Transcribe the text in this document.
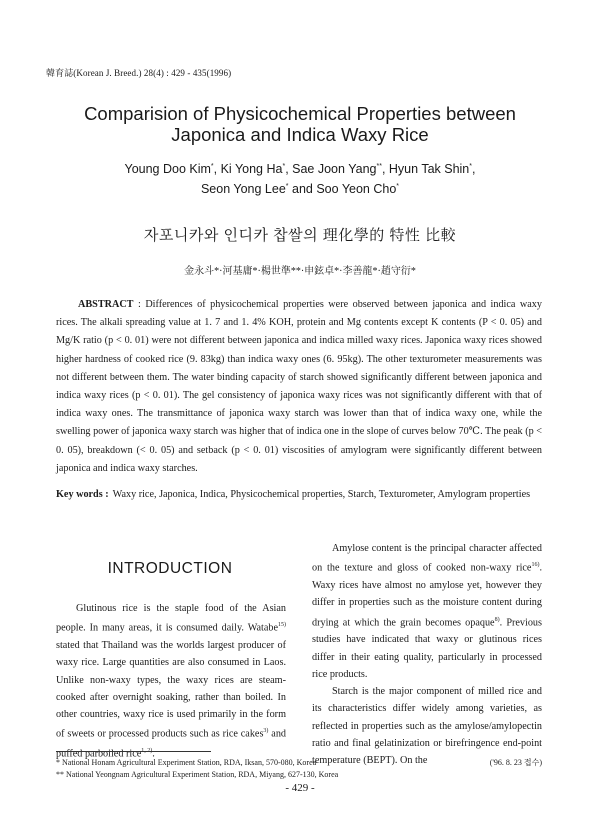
韓育誌(Korean J. Breed.) 28(4) : 429 - 435(1996)
Comparision of Physicochemical Properties between
Japonica and Indica Waxy Rice
Young Doo Kim*, Ki Yong Ha*, Sae Joon Yang**, Hyun Tak Shin*,
Seon Yong Lee* and Soo Yeon Cho*
자포니카와 인디카 찹쌀의 理化學的 特性 比較
金永斗*·河基庸*·楊世準**·申鉉卓*·李善龍*·趙守衍*
ABSTRACT : Differences of physicochemical properties were observed between japonica and indica waxy rices. The alkali spreading value at 1. 7 and 1. 4% KOH, protein and Mg contents except K contents (P < 0. 05) and Mg/K ratio (p < 0. 01) were not different between japonica and indica milled waxy rices. Japonica waxy rices showed higher hardness of cooked rice (9. 83kg) than indica waxy ones (6. 95kg). The other texturometer measurements was not different between them. The water binding capacity of starch showed significantly different between japonica and indica waxy rices (p < 0. 01). The gel consistency of japonica waxy rices was not significantly different with that of indica waxy ones. The transmittance of japonica waxy starch was lower than that of indica waxy one, while the swelling power of japonica waxy starch was higher that of indica one in the slope of curves below 70℃. The peak (p < 0. 05), breakdown (< 0. 05) and setback (p < 0. 01) viscosities of amylogram were significantly different between japonica and indica waxy starches.
Key words : Waxy rice, Japonica, Indica, Physicochemical properties, Starch, Texturometer, Amylogram properties
INTRODUCTION

Glutinous rice is the staple food of the Asian people. In many areas, it is consumed daily. Watabe$^{15)}$ stated that Thailand was the worlds largest producer of waxy rice. Large quantities are also consumed in Laos. Unlike non-waxy types, the waxy rices are steam-cooked after overnight soaking, rather than boiled. In other countries, waxy rice is used primarily in the form of sweets or processed products such as rice cakes$^{3)}$ and puffed parboiled rice$^{1, 2)}$.

Amylose content is the principal character affected on the texture and gloss of cooked non-waxy rice$^{16)}$. Waxy rices have almost no amylose yet, however they differ in properties such as the moisture content during drying at which the grain becomes opaque$^{8)}$. Previous studies have indicated that waxy or glutinous rices differ in their eating quality, particularly in processed rice products.

Starch is the major component of milled rice and its characteristics differ widely among varieties, as reflected in properties such as the amylose/amylopectin ratio and final gelatinization or birefringence end-point temperature (BEPT). On the

* National Honam Agricultural Experiment Station, RDA, Iksan, 570-080, Korea	('96. 8. 23 접수)
** National Yeongnam Agricultural Experiment Station, RDA, Miyang, 627-130, Korea
- 429 -
